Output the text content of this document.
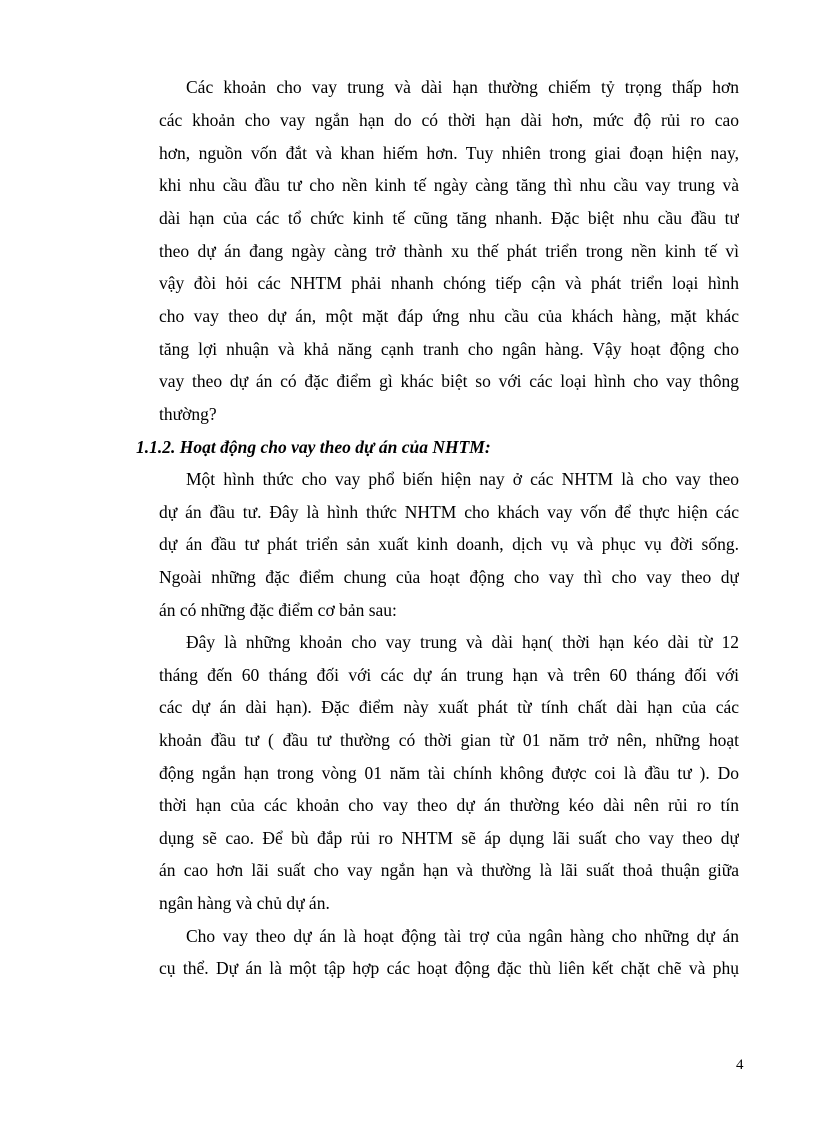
Các khoản cho vay trung và dài hạn thường chiếm tỷ trọng thấp hơn
các khoản cho vay ngắn hạn do có thời hạn dài hơn, mức độ rủi ro cao
hơn, nguồn vốn đắt và khan hiếm hơn. Tuy nhiên trong giai đoạn hiện nay,
khi nhu cầu đầu tư cho nền kinh tế ngày càng tăng thì nhu cầu vay trung và
dài hạn của các tổ chức kinh tế cũng tăng nhanh. Đặc biệt nhu cầu đầu tư
theo dự án đang ngày càng trở thành xu thế phát triển trong nền kinh tế vì
vậy đòi hỏi các NHTM phải nhanh chóng tiếp cận và phát triển loại hình
cho vay theo dự án, một mặt đáp ứng nhu cầu của khách hàng, mặt khác
tăng lợi nhuận và khả năng cạnh tranh cho ngân hàng. Vậy hoạt động cho
vay theo dự án có đặc điểm gì khác biệt so với các loại hình cho vay thông
thường?
1.1.2. Hoạt động cho vay theo dự án của NHTM:
Một hình thức cho vay phổ biến hiện nay ở các NHTM là cho vay theo
dự án đầu tư. Đây là hình thức NHTM cho khách vay vốn để thực hiện các
dự án đầu tư phát triển sản xuất kinh doanh, dịch vụ và phục vụ đời sống.
Ngoài những đặc điểm chung của hoạt động cho vay thì cho vay theo dự
án có những đặc điểm cơ bản sau:
Đây là những khoản cho vay trung và dài hạn( thời hạn kéo dài từ 12
tháng đến 60 tháng đối với các dự án trung hạn và trên 60 tháng đối với
các dự án dài hạn). Đặc điểm này xuất phát từ tính chất dài hạn của các
khoản đầu tư ( đầu tư thường có thời gian từ 01 năm trở nên, những hoạt
động ngắn hạn trong vòng 01 năm tài chính không được coi là đầu tư ). Do
thời hạn của các khoản cho vay theo dự án thường kéo dài nên rủi ro tín
dụng sẽ cao. Để bù đắp rủi ro NHTM sẽ áp dụng lãi suất cho vay theo dự
án cao hơn lãi suất cho vay ngắn hạn và thường là lãi suất thoả thuận giữa
ngân hàng và chủ dự án.
Cho vay theo dự án là hoạt động tài trợ của ngân hàng cho những dự án
cụ thể. Dự án là một tập hợp các hoạt động đặc thù liên kết chặt chẽ và phụ
4
